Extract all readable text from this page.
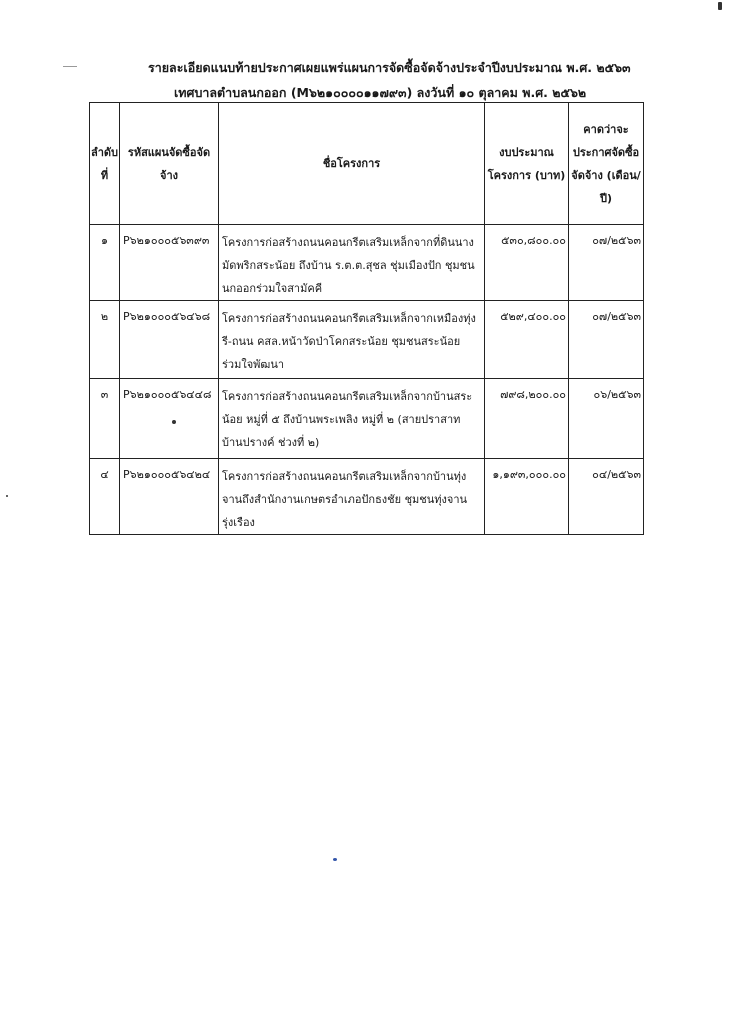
รายละเอียดแนบท้ายประกาศเผยแพร่แผนการจัดซื้อจัดจ้างประจำปีงบประมาณ พ.ศ. ๒๕๖๓
เทศบาลตำบลนกออก (M๖๒๑๐๐๐๐๑๑๗๙๓) ลงวันที่ ๑๐ ตุลาคม พ.ศ. ๒๕๖๒
ลำดับที่	รหัสแผนจัดซื้อจัดจ้าง	ชื่อโครงการ	งบประมาณโครงการ (บาท)	คาดว่าจะประกาศจัดซื้อจัดจ้าง (เดือน/ปี)
๑	P๖๒๑๐๐๐๕๖๓๙๓	โครงการก่อสร้างถนนคอนกรีตเสริมเหล็กจากที่ดินนางมัดพริกสระน้อย ถึงบ้าน ร.ต.ต.สุชล ชุ่มเมืองปัก ชุมชนนกออกร่วมใจสามัคคี	๕๓๐,๘๐๐.๐๐	๐๗/๒๕๖๓
๒	P๖๒๑๐๐๐๕๖๔๖๘	โครงการก่อสร้างถนนคอนกรีตเสริมเหล็กจากเหมืองทุ่งรี-ถนน คสล.หน้าวัดป่าโคกสระน้อย ชุมชนสระน้อยร่วมใจพัฒนา	๕๒๙,๔๐๐.๐๐	๐๗/๒๕๖๓
๓	P๖๒๑๐๐๐๕๖๔๔๘	โครงการก่อสร้างถนนคอนกรีตเสริมเหล็กจากบ้านสระน้อย หมู่ที่ ๕ ถึงบ้านพระเพลิง หมู่ที่ ๒ (สายปราสาทบ้านปรางค์ ช่วงที่ ๒)	๗๙๘,๒๐๐.๐๐	๐๖/๒๕๖๓
๔	P๖๒๑๐๐๐๕๖๔๒๔	โครงการก่อสร้างถนนคอนกรีตเสริมเหล็กจากบ้านทุ่งจานถึงสำนักงานเกษตรอำเภอปักธงชัย ชุมชนทุ่งจานรุ่งเรือง	๑,๑๙๓,๐๐๐.๐๐	๐๔/๒๕๖๓
